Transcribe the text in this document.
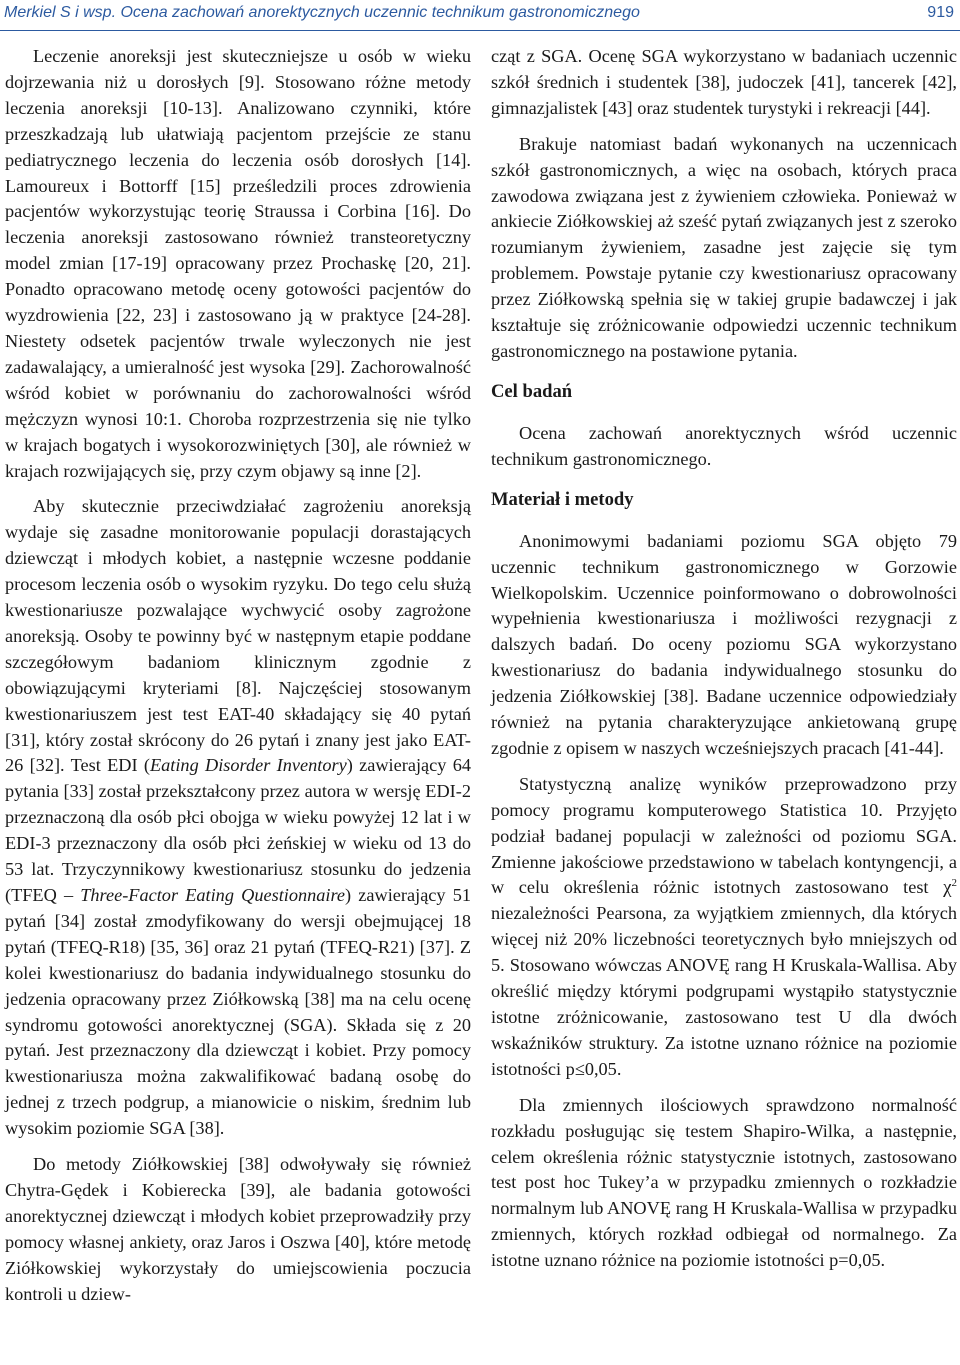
Merkiel S i wsp. Ocena zachowań anorektycznych uczennic technikum gastronomicznego	919

Leczenie anoreksji jest skuteczniejsze u osób w wieku dojrzewania niż u dorosłych [9]. Stosowano różne metody leczenia anoreksji [10-13]. Analizowano czynniki, które przeszkadzają lub ułatwiają pacjentom przejście ze stanu pediatrycznego leczenia do leczenia osób dorosłych [14]. Lamoureux i Bottorff [15] prześledzili proces zdrowienia pacjentów wykorzystując teorię Straussa i Corbina [16]. Do leczenia anoreksji zastosowano również transteoretyczny model zmian [17-19] opracowany przez Prochaskę [20, 21]. Ponadto opracowano metodę oceny gotowości pacjentów do wyzdrowienia [22, 23] i zastosowano ją w praktyce [24-28]. Niestety odsetek pacjentów trwale wyleczonych nie jest zadawalający, a umieralność jest wysoka [29]. Zachorowalność wśród kobiet w porównaniu do zachorowalności wśród mężczyzn wynosi 10:1. Choroba rozprzestrzenia się nie tylko w krajach bogatych i wysokorozwiniętych [30], ale również w krajach rozwijających się, przy czym objawy są inne [2].

Aby skutecznie przeciwdziałać zagrożeniu anoreksją wydaje się zasadne monitorowanie populacji dorastających dziewcząt i młodych kobiet, a następnie wczesne poddanie procesom leczenia osób o wysokim ryzyku. Do tego celu służą kwestionariusze pozwalające wychwycić osoby zagrożone anoreksją. Osoby te powinny być w następnym etapie poddane szczegółowym badaniom klinicznym zgodnie z obowiązującymi kryteriami [8]. Najczęściej stosowanym kwestionariuszem jest test EAT-40 składający się 40 pytań [31], który został skrócony do 26 pytań i znany jest jako EAT-26 [32]. Test EDI (Eating Disorder Inventory) zawierający 64 pytania [33] został przekształcony przez autora w wersję EDI-2 przeznaczoną dla osób płci obojga w wieku powyżej 12 lat i w EDI-3 przeznaczony dla osób płci żeńskiej w wieku od 13 do 53 lat. Trzyczynnikowy kwestionariusz stosunku do jedzenia (TFEQ – Three-Factor Eating Questionnaire) zawierający 51 pytań [34] został zmodyfikowany do wersji obejmującej 18 pytań (TFEQ-R18) [35, 36] oraz 21 pytań (TFEQ-R21) [37]. Z kolei kwestionariusz do badania indywidualnego stosunku do jedzenia opracowany przez Ziółkowską [38] ma na celu ocenę syndromu gotowości anorektycznej (SGA). Składa się z 20 pytań. Jest przeznaczony dla dziewcząt i kobiet. Przy pomocy kwestionariusza można zakwalifikować badaną osobę do jednej z trzech podgrup, a mianowicie o niskim, średnim lub wysokim poziomie SGA [38].

Do metody Ziółkowskiej [38] odwoływały się również Chytra-Gędek i Kobierecka [39], ale badania gotowości anorektycznej dziewcząt i młodych kobiet przeprowadziły przy pomocy własnej ankiety, oraz Jaros i Oszwa [40], które metodę Ziółkowskiej wykorzystały do umiejscowienia poczucia kontroli u dziew-

cząt z SGA. Ocenę SGA wykorzystano w badaniach uczennic szkół średnich i studentek [38], judoczek [41], tancerek [42], gimnazjalistek [43] oraz studentek turystyki i rekreacji [44].

Brakuje natomiast badań wykonanych na uczennicach szkół gastronomicznych, a więc na osobach, których praca zawodowa związana jest z żywieniem człowieka. Ponieważ w ankiecie Ziółkowskiej aż sześć pytań związanych jest z szeroko rozumianym żywieniem, zasadne jest zajęcie się tym problemem. Powstaje pytanie czy kwestionariusz opracowany przez Ziółkowską spełnia się w takiej grupie badawczej i jak kształtuje się zróżnicowanie odpowiedzi uczennic technikum gastronomicznego na postawione pytania.

Cel badań

Ocena zachowań anorektycznych wśród uczennic technikum gastronomicznego.

Materiał i metody

Anonimowymi badaniami poziomu SGA objęto 79 uczennic technikum gastronomicznego w Gorzowie Wielkopolskim. Uczennice poinformowano o dobrowolności wypełnienia kwestionariusza i możliwości rezygnacji z dalszych badań. Do oceny poziomu SGA wykorzystano kwestionariusz do badania indywidualnego stosunku do jedzenia Ziółkowskiej [38]. Badane uczennice odpowiedziały również na pytania charakteryzujące ankietowaną grupę zgodnie z opisem w naszych wcześniejszych pracach [41-44].

Statystyczną analizę wyników przeprowadzono przy pomocy programu komputerowego Statistica 10. Przyjęto podział badanej populacji w zależności od poziomu SGA. Zmienne jakościowe przedstawiono w tabelach kontyngencji, a w celu określenia różnic istotnych zastosowano test $\chi^2$ niezależności Pearsona, za wyjątkiem zmiennych, dla których więcej niż 20% liczebności teoretycznych było mniejszych od 5. Stosowano wówczas ANOVĘ rang H Kruskala-Wallisa. Aby określić między którymi podgrupami wystąpiło statystycznie istotne zróżnicowanie, zastosowano test U dla dwóch wskaźników struktury. Za istotne uznano różnice na poziomie istotności p≤0,05.

Dla zmiennych ilościowych sprawdzono normalność rozkładu posługując się testem Shapiro-Wilka, a następnie, celem określenia różnic statystycznie istotnych, zastosowano test post hoc Tukey’a w przypadku zmiennych o rozkładzie normalnym lub ANOVĘ rang H Kruskala-Wallisa w przypadku zmiennych, których rozkład odbiegał od normalnego. Za istotne uznano różnice na poziomie istotności p=0,05.
